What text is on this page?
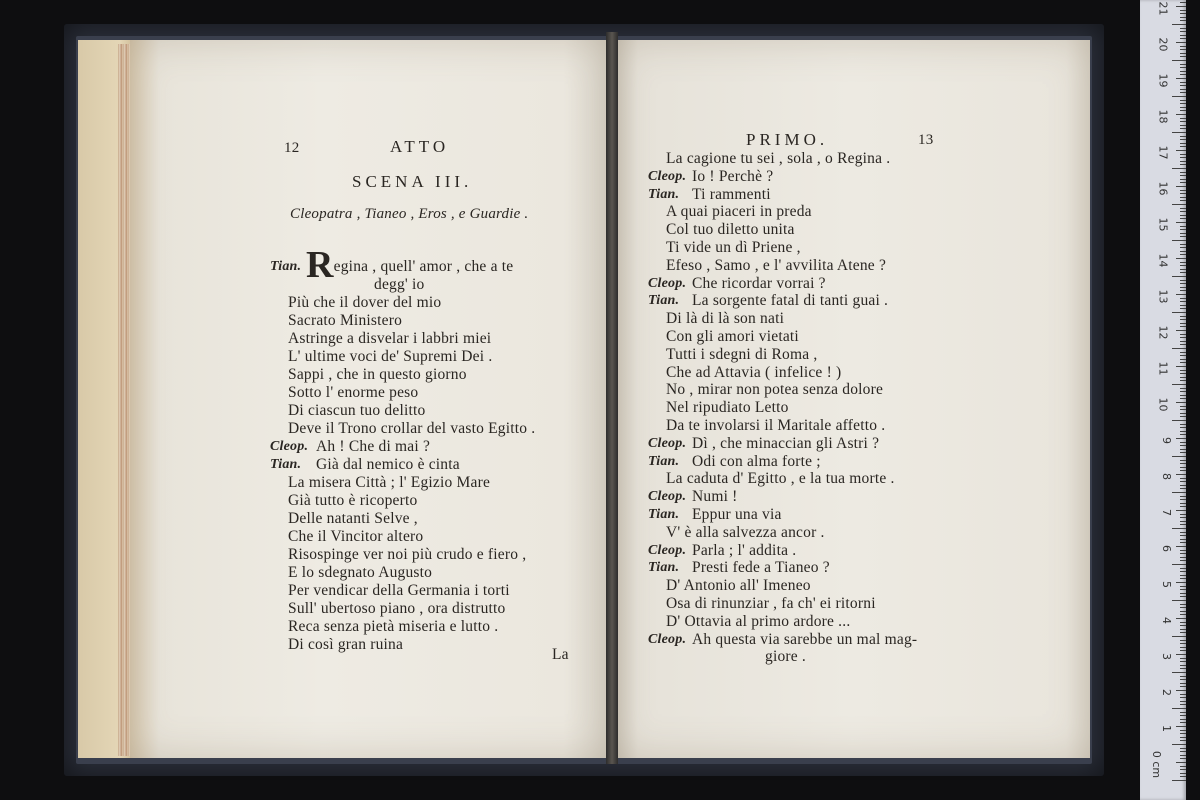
12	ATTO
SCENA III.
Cleopatra , Tianeo , Eros , e Guardie .
Tian. Regina , quell' amor , che a te
degg' io
Più che il dover del mio
Sacrato Ministero
Astringe a disvelar i labbri miei
L' ultime voci de' Supremi Dei .
Sappi , che in questo giorno
Sotto l' enorme peso
Di ciascun tuo delitto
Deve il Trono crollar del vasto Egitto .
Cleop. Ah ! Che di mai ?
Tian. Già dal nemico è cinta
La misera Città ; l' Egizio Mare
Già tutto è ricoperto
Delle natanti Selve ,
Che il Vincitor altero
Risospinge ver noi più crudo e fiero ,
E lo sdegnato Augusto
Per vendicar della Germania i torti
Sull' ubertoso piano , ora distrutto
Reca senza pietà miseria e lutto .
Di così gran ruina
La
PRIMO.	13
La cagione tu sei , sola , o Regina .
Cleop. Io ! Perchè ?
Tian. Ti rammenti
A quai piaceri in preda
Col tuo diletto unita
Ti vide un dì Priene ,
Efeso , Samo , e l' avvilita Atene ?
Cleop. Che ricordar vorrai ?
Tian. La sorgente fatal di tanti guai .
Di là di là son nati
Con gli amori vietati
Tutti i sdegni di Roma ,
Che ad Attavia ( infelice ! )
No , mirar non potea senza dolore
Nel ripudiato Letto
Da te involarsi il Maritale affetto .
Cleop. Dì , che minaccian gli Astri ?
Tian. Odi con alma forte ;
La caduta d' Egitto , e la tua morte .
Cleop. Numi !
Tian. Eppur una via
V' è alla salvezza ancor .
Cleop. Parla ; l' addita .
Tian. Presti fede a Tianeo ?
D' Antonio all' Imeneo
Osa di rinunziar , fa ch' ei ritorni
D' Ottavia al primo ardore ...
Cleop. Ah questa via sarebbe un mal mag-
giore .
21
20
19
18
17
16
15
14
13
12
11
10
9
8
7
6
5
4
3
2
1
0 cm
